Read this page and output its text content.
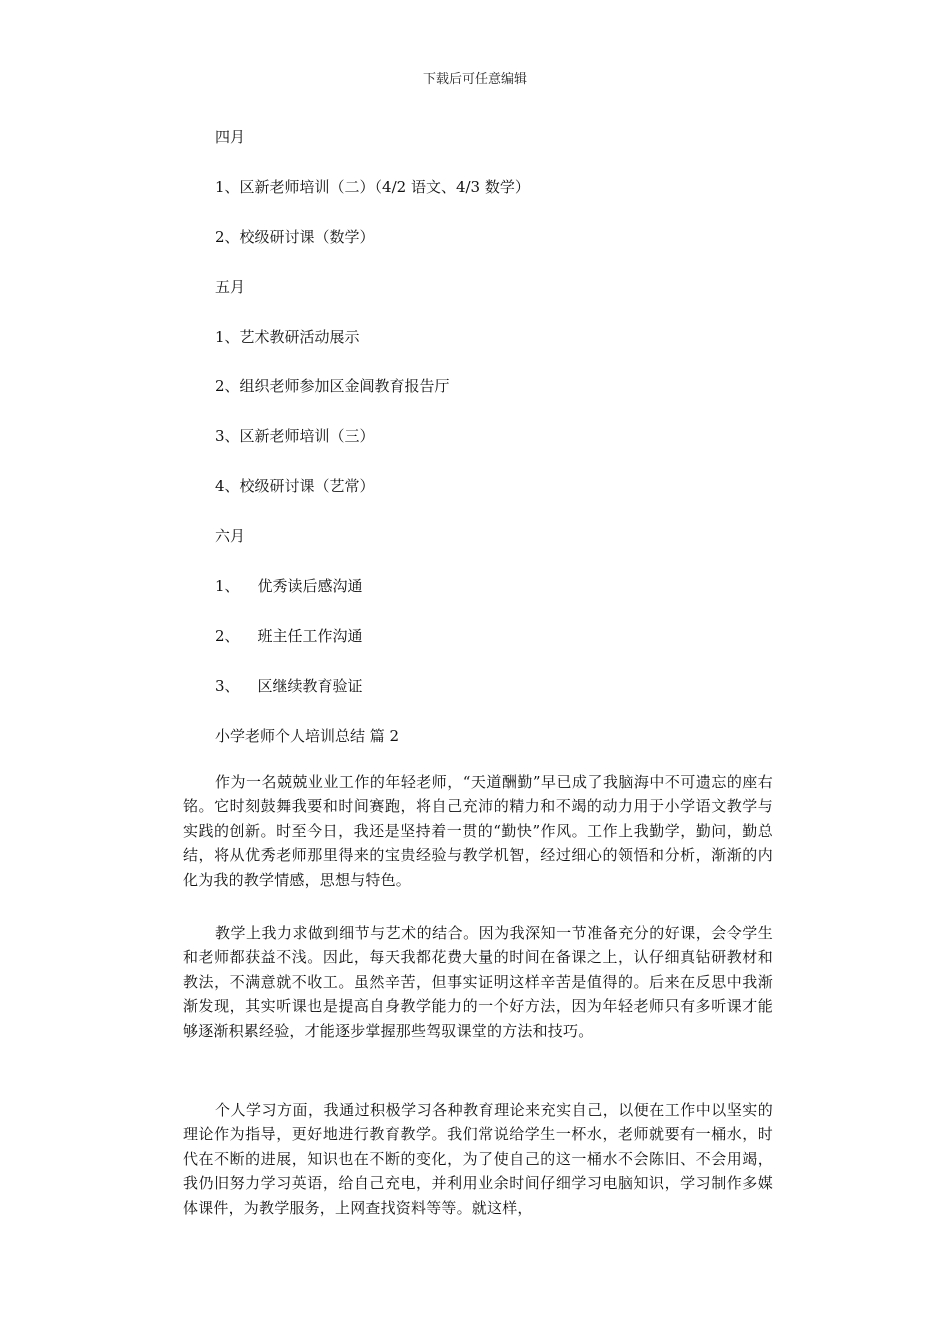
下载后可任意编辑
四月
1、区新老师培训（二）（4/2 语文、4/3 数学）
2、校级研讨课（数学）
五月
1、艺术教研活动展示
2、组织老师参加区金阊教育报告厅
3、区新老师培训（三）
4、校级研讨课（艺常）
六月
1、 优秀读后感沟通
2、 班主任工作沟通
3、 区继续教育验证
小学老师个人培训总结 篇 2
作为一名兢兢业业工作的年轻老师，“天道酬勤”早已成了我脑海中不可遗忘的座右铭。它时刻鼓舞我要和时间赛跑，将自己充沛的精力和不竭的动力用于小学语文教学与实践的创新。时至今日，我还是坚持着一贯的“勤快”作风。工作上我勤学，勤问，勤总结，将从优秀老师那里得来的宝贵经验与教学机智，经过细心的领悟和分析，渐渐的内化为我的教学情感，思想与特色。
教学上我力求做到细节与艺术的结合。因为我深知一节准备充分的好课，会令学生和老师都获益不浅。因此，每天我都花费大量的时间在备课之上，认仔细真钻研教材和教法，不满意就不收工。虽然辛苦，但事实证明这样辛苦是值得的。后来在反思中我渐渐发现，其实听课也是提高自身教学能力的一个好方法，因为年轻老师只有多听课才能够逐渐积累经验，才能逐步掌握那些驾驭课堂的方法和技巧。
个人学习方面，我通过积极学习各种教育理论来充实自己，以便在工作中以坚实的理论作为指导，更好地进行教育教学。我们常说给学生一杯水，老师就要有一桶水，时代在不断的进展，知识也在不断的变化，为了使自己的这一桶水不会陈旧、不会用竭，我仍旧努力学习英语，给自己充电，并利用业余时间仔细学习电脑知识，学习制作多媒体课件，为教学服务，上网查找资料等等。就这样，
